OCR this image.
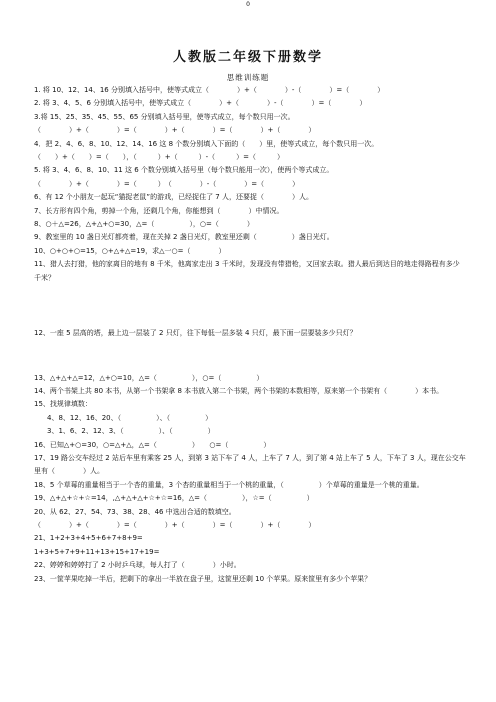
0
人教版二年级下册数学
思维训练题
1. 将 10、12、14、16 分别填入括号中，使等式成立（　　　　）+（　　　　）-（　　　　）=（　　　　）
2. 将 3、4、5、6 分别填入括号中，使等式成立（　　　　）+（　　　　）-（　　　　）=（　　　　）
3.将 15、25、35、45、55、65 分别填入括号里，使等式成立，每个数只用一次。
（　　　　）+（　　　　）=（　　　　）+（　　　　）=（　　　　）+（　　　　）
4．把 2、4、6、8、10、12、14、16 这 8 个数分别填入下面的（　　）里，使等式成立，每个数只用一次。
（　　）+（　　）=（　　），（　　　）+（　　　）-（　　　）=（　　　）
5. 将 3、4、6、8、10、11 这 6 个数分别填入括号里（每个数只能用一次），使两个等式成立。
（　　　　）+（　　　　）=（　　　）　（　　　　）-（　　　　）=（　　　　）
6、有 12 个小朋友一起玩“猫捉老鼠”的游戏，已经捉住了 7 人，还要捉（　　　　）人。
7、长方形有四个角，剪掉一个角，还剩几个角，你能想到（　　　　）中情况。
8、○＋△=26，△+△+○=30，△=（　　　　　），○=（　　　　）
9、教室里的 10 盏日光灯都亮着，现在关掉 2 盏日光灯，教室里还剩（　　　　　）盏日光灯。
10、○+○+○=15，○+△+△=19，求△一○=（　　　　）
11、猎人去打猎，他的家离目的地有 8 千米，他离家走出 3 千米时，发现没有带猎枪，又回家去取。猎人最后到达目的地走得路程有多少千米？
12、一座 5 层高的塔，最上边一层装了 2 只灯，往下每低一层多装 4 只灯，最下面一层要装多少只灯？
13、△+△+△=12，△+○=10，△=（　　　　　），○=（　　　　　）
14、两个书架上共 80 本书，从第一个书架拿 8 本书放入第二个书架，两个书架的本数相等，原来第一个书架有（　　　　）本书。
15、找规律填数：
4、8、12、16、20、（　　　　　）、（　　　　　）
3、1、6、2、12、3、（　　　　　）、（　　　　　）
16、已知△+○=30，○=△+△，△=（　　　　　）　　○=（　　　　　）
17、19 路公交车经过 2 站后车里有乘客 25 人，到第 3 站下车了 4 人，上车了 7 人，到了第 4 站上车了 5 人，下车了 3 人，现在公交车里有（　　　　）人。
18、5 个草莓的重量相当于一个杏的重量，3 个杏的重量相当于一个桃的重量，（　　　　　）个草莓的重量是一个桃的重量。
19、△+△+☆+☆=14，,△+△+△+☆+☆=16，△=（　　　　　），☆=（　　　　　）
20、从 62、27、54、73、38、28、46 中选出合适的数填空。
（　　　　）+（　　　　）=（　　　　）+（　　　　）=（　　　　）+（　　　　）
21、1+2+3+4+5+6+7+8+9=
1+3+5+7+9+11+13+15+17+19=
22、婷婷和婷婷打了 2 小时乒乓球，每人打了（　　　　）小时。
23、一筐苹果吃掉一半后，把剩下的拿出一半放在盘子里，这筐里还剩 10 个苹果。原来筐里有多少个苹果？
